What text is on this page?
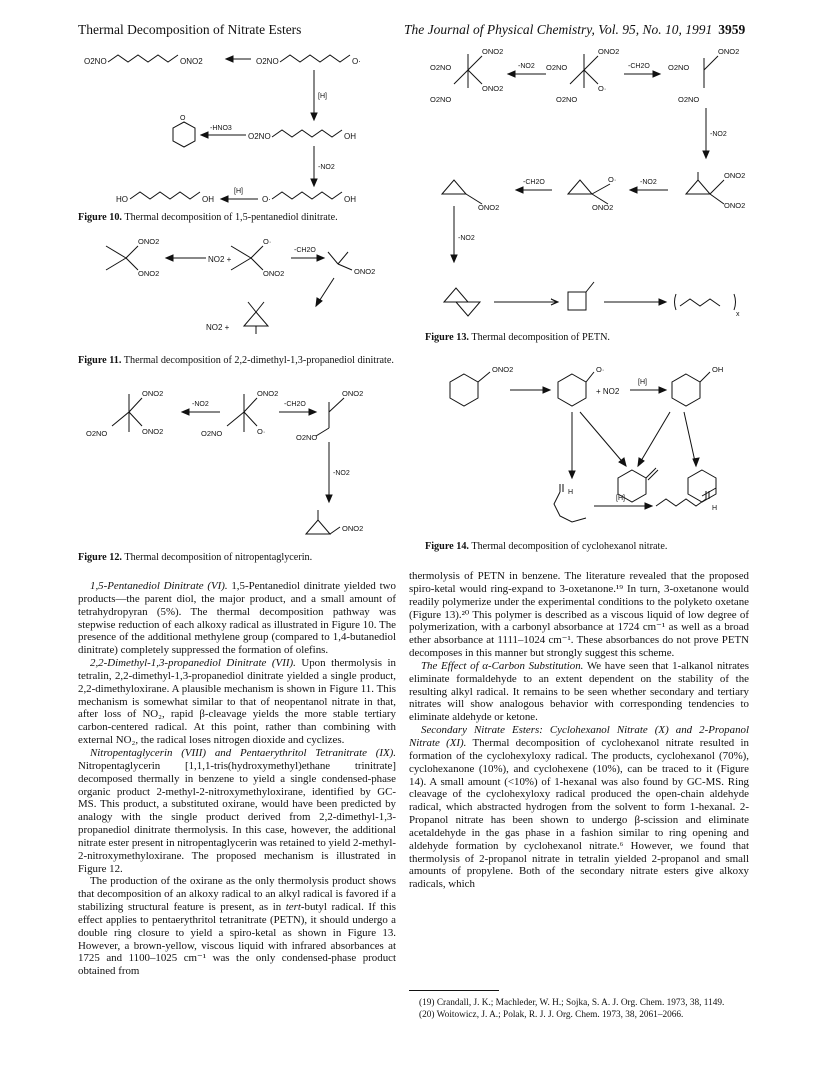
Thermal Decomposition of Nitrate Esters	The Journal of Physical Chemistry, Vol. 95, No. 10, 1991 3959
O2NO	ONO2	O2NO	O·
[H]
O
-HNO3
O2NO	OH
-NO2
HO	OH
[H]
O·	OH
Figure 10. Thermal decomposition of 1,5-pentanediol dinitrate.
ONO2
ONO2
NO2 +
O·
ONO2
-CH2O
ONO2
NO2 +
Figure 11. Thermal decomposition of 2,2-dimethyl-1,3-propanediol dinitrate.
ONO2
ONO2
O2NO
-NO2
ONO2
O·
O2NO
-CH2O
ONO2
O2NO
-NO2
ONO2
Figure 12. Thermal decomposition of nitropentaglycerin.
ONO2
ONO2
O2NO
O2NO
-NO2
ONO2
O·
O2NO
O2NO
-CH2O
ONO2
O2NO
O2NO
-NO2
ONO2
ONO2
-NO2
O·
ONO2
-CH2O
ONO2
-NO2
x
Figure 13. Thermal decomposition of PETN.
ONO2	O·
+ NO2
[H]
OH
H
[H]
H
Figure 14. Thermal decomposition of cyclohexanol nitrate.

1,5-Pentanediol Dinitrate (VI). 1,5-Pentanediol dinitrate yielded two products—the parent diol, the major product, and a small amount of tetrahydropyran (5%). The thermal decomposition pathway was stepwise reduction of each alkoxy radical as illustrated in Figure 10. The presence of the additional methylene group (compared to 1,4-butanediol dinitrate) completely suppressed the formation of olefins.

2,2-Dimethyl-1,3-propanediol Dinitrate (VII). Upon thermolysis in tetralin, 2,2-dimethyl-1,3-propanediol dinitrate yielded a single product, 2,2-dimethyloxirane. A plausible mechanism is shown in Figure 11. This mechanism is somewhat similar to that of neopentanol nitrate in that, after loss of NO₂, rapid β-cleavage yields the more stable tertiary carbon-centered radical. At this point, rather than combining with external NO₂, the radical loses nitrogen dioxide and cyclizes.

Nitropentaglycerin (VIII) and Pentaerythritol Tetranitrate (IX). Nitropentaglycerin [1,1,1-tris(hydroxymethyl)ethane trinitrate] decomposed thermally in benzene to yield a single condensed-phase organic product 2-methyl-2-nitroxymethyloxirane, identified by GC-MS. This product, a substituted oxirane, would have been predicted by analogy with the single product derived from 2,2-dimethyl-1,3-propanediol dinitrate thermolysis. In this case, however, the additional nitrate ester present in nitropentaglycerin was retained to yield 2-methyl-2-nitroxymethyloxirane. The proposed mechanism is illustrated in Figure 12.

The production of the oxirane as the only thermolysis product shows that decomposition of an alkoxy radical to an alkyl radical is favored if a stabilizing structural feature is present, as in tert-butyl radical. If this effect applies to pentaerythritol tetranitrate (PETN), it should undergo a double ring closure to yield a spiro-ketal as shown in Figure 13. However, a brown-yellow, viscous liquid with infrared absorbances at 1725 and 1100–1025 cm⁻¹ was the only condensed-phase product obtained from

thermolysis of PETN in benzene. The literature revealed that the proposed spiro-ketal would ring-expand to 3-oxetanone.¹⁹ In turn, 3-oxetanone would readily polymerize under the experimental conditions to the polyketo oxetane (Figure 13).²⁰ This polymer is described as a viscous liquid of low degree of polymerization, with a carbonyl absorbance at 1724 cm⁻¹ as well as a broad ether absorbance at 1111–1024 cm⁻¹. These absorbances do not prove PETN decomposes in this manner but strongly suggest this scheme.

The Effect of α-Carbon Substitution. We have seen that 1-alkanol nitrates eliminate formaldehyde to an extent dependent on the stability of the resulting alkyl radical. It remains to be seen whether secondary and tertiary nitrates will show analogous behavior with corresponding tendencies to eliminate aldehyde or ketone.

Secondary Nitrate Esters: Cyclohexanol Nitrate (X) and 2-Propanol Nitrate (XI). Thermal decomposition of cyclohexanol nitrate resulted in formation of the cyclohexyloxy radical. The products, cyclohexanol (70%), cyclohexanone (10%), and cyclohexene (10%), can be traced to it (Figure 14). A small amount (<10%) of 1-hexanal was also found by GC-MS. Ring cleavage of the cyclohexyloxy radical produced the open-chain aldehyde radical, which abstracted hydrogen from the solvent to form 1-hexanal. 2-Propanol nitrate has been shown to undergo β-scission and eliminate acetaldehyde in the gas phase in a fashion similar to ring opening and aldehyde formation by cyclohexanol nitrate.⁶ However, we found that thermolysis of 2-propanol nitrate in tetralin yielded 2-propanol and small amounts of propylene. Both of the secondary nitrate esters give alkoxy radicals, which

(19) Crandall, J. K.; Machleder, W. H.; Sojka, S. A. J. Org. Chem. 1973, 38, 1149.

(20) Woitowicz, J. A.; Polak, R. J. J. Org. Chem. 1973, 38, 2061–2066.
